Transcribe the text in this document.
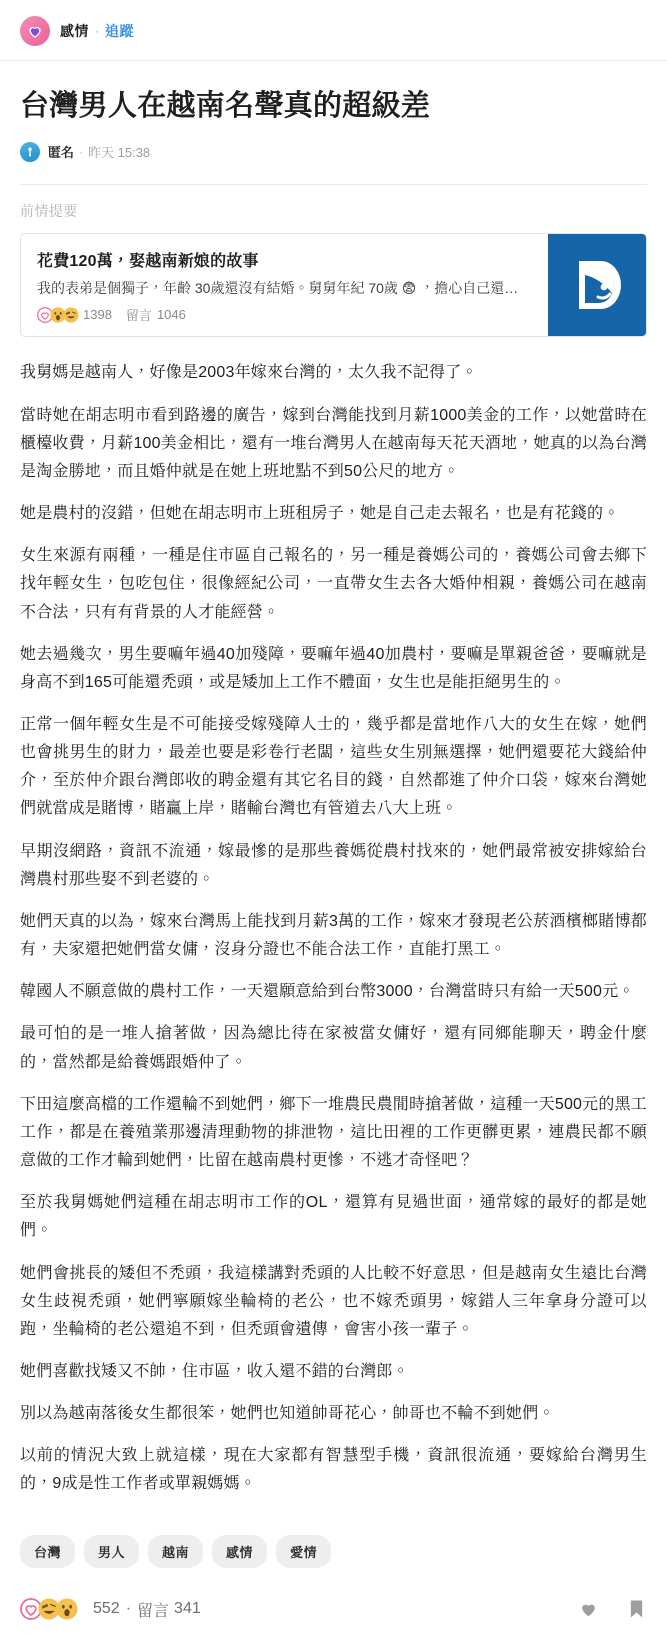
感情 · 追蹤
台灣男人在越南名聲真的超級差
匿名 · 昨天 15:38
前情提要
花費120萬，娶越南新娘的故事
我的表弟是個獨子，年齡 30歲還沒有結婚。舅舅年紀 70歲 😨 ，擔心自己還…
1398 留言 1046

我舅媽是越南人，好像是2003年嫁來台灣的，太久我不記得了。

當時她在胡志明市看到路邊的廣告，嫁到台灣能找到月薪1000美金的工作，以她當時在櫃檯收費，月薪100美金相比，還有一堆台灣男人在越南每天花天酒地，她真的以為台灣是淘金勝地，而且婚仲就是在她上班地點不到50公尺的地方。

她是農村的沒錯，但她在胡志明市上班租房子，她是自己走去報名，也是有花錢的。

女生來源有兩種，一種是住市區自己報名的，另一種是養媽公司的，養媽公司會去鄉下找年輕女生，包吃包住，很像經紀公司，一直帶女生去各大婚仲相親，養媽公司在越南不合法，只有有背景的人才能經營。

她去過幾次，男生要嘛年過40加殘障，要嘛年過40加農村，要嘛是單親爸爸，要嘛就是身高不到165可能還禿頭，或是矮加上工作不體面，女生也是能拒絕男生的。

正常一個年輕女生是不可能接受嫁殘障人士的，幾乎都是當地作八大的女生在嫁，她們也會挑男生的財力，最差也要是彩卷行老闆，這些女生別無選擇，她們還要花大錢給仲介，至於仲介跟台灣郎收的聘金還有其它名目的錢，自然都進了仲介口袋，嫁來台灣她們就當成是賭博，賭贏上岸，賭輸台灣也有管道去八大上班。

早期沒網路，資訊不流通，嫁最慘的是那些養媽從農村找來的，她們最常被安排嫁給台灣農村那些娶不到老婆的。

她們天真的以為，嫁來台灣馬上能找到月薪3萬的工作，嫁來才發現老公菸酒檳榔賭博都有，夫家還把她們當女傭，沒身分證也不能合法工作，直能打黑工。

韓國人不願意做的農村工作，一天還願意給到台幣3000，台灣當時只有給一天500元。

最可怕的是一堆人搶著做，因為總比待在家被當女傭好，還有同鄉能聊天，聘金什麼的，當然都是給養媽跟婚仲了。

下田這麼高檔的工作還輪不到她們，鄉下一堆農民農閒時搶著做，這種一天500元的黑工工作，都是在養殖業那邊清理動物的排泄物，這比田裡的工作更髒更累，連農民都不願意做的工作才輪到她們，比留在越南農村更慘，不逃才奇怪吧？

至於我舅媽她們這種在胡志明市工作的OL，還算有見過世面，通常嫁的最好的都是她們。

她們會挑長的矮但不禿頭，我這樣講對禿頭的人比較不好意思，但是越南女生遠比台灣女生歧視禿頭，她們寧願嫁坐輪椅的老公，也不嫁禿頭男，嫁錯人三年拿身分證可以跑，坐輪椅的老公還追不到，但禿頭會遺傳，會害小孩一輩子。

她們喜歡找矮又不帥，住市區，收入還不錯的台灣郎。

別以為越南落後女生都很笨，她們也知道帥哥花心，帥哥也不輪不到她們。

以前的情況大致上就這樣，現在大家都有智慧型手機，資訊很流通，要嫁給台灣男生的，9成是性工作者或單親媽媽。

台灣	男人	越南	感情	愛情
552 · 留言 341
